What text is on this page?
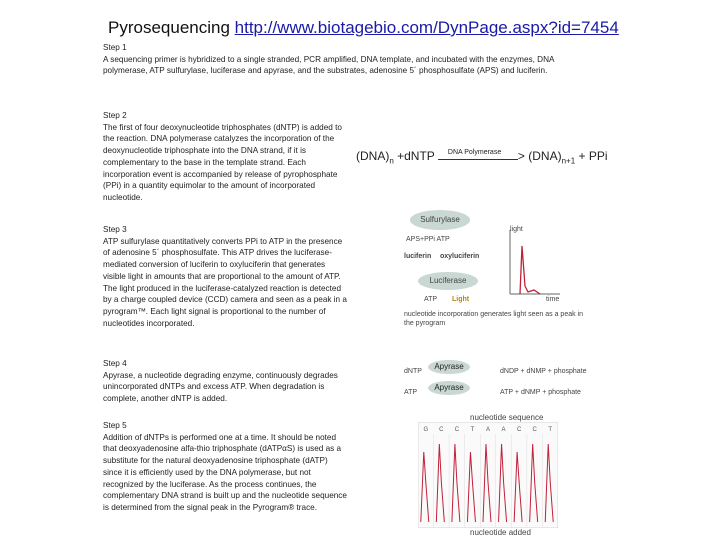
Pyrosequencing http://www.biotagebio.com/DynPage.aspx?id=7454
Step 1
A sequencing primer is hybridized to a single stranded, PCR amplified, DNA template, and incubated with the enzymes, DNA polymerase, ATP sulfurylase, luciferase and apyrase, and the substrates, adenosine 5´ phosphosulfate (APS) and luciferin.
Step 2
The first of four deoxynucleotide triphosphates (dNTP) is added to the reaction. DNA polymerase catalyzes the incorporation of the deoxynucleotide triphosphate into the DNA strand, if it is complementary to the base in the template strand. Each incorporation event is accompanied by release of pyrophosphate (PPi) in a quantity equimolar to the amount of incorporated nucleotide.
Step 3
ATP sulfurylase quantitatively converts PPi to ATP in the presence of adenosine 5´ phosphosulfate. This ATP drives the luciferase-mediated conversion of luciferin to oxyluciferin that generates visible light in amounts that are proportional to the amount of ATP. The light produced in the luciferase-catalyzed reaction is detected by a charge coupled device (CCD) camera and seen as a peak in a pyrogram™. Each light signal is proportional to the number of nucleotides incorporated.
Step 4
Apyrase, a nucleotide degrading enzyme, continuously degrades unincorporated dNTPs and excess ATP. When degradation is complete, another dNTP is added.
Step 5
Addition of dNTPs is performed one at a time. It should be noted that deoxyadenosine alfa-thio triphosphate (dATPαS) is used as a substitute for the natural deoxyadenosine triphosphate (dATP) since it is efficiently used by the DNA polymerase, but not recognized by the luciferase. As the process continues, the complementary DNA strand is built up and the nucleotide sequence is determined from the signal peak in the Pyrogram® trace.
$(DNA)_n$ +dNTP DNA Polymerase > $(DNA)_{n+1}$ + PPi
Sulfurylase
APS+PPi ATP
luciferin oxyluciferin
Luciferase
ATP Light
light
time
nucleotide incorporation generates light seen as a peak in the pyrogram
Apyrase
dNTP	dNDP + dNMP + phosphate
Apyrase
ATP	ATP + dNMP + phosphate
nucleotide sequence
G C C T A A C C T
nucleotide added
